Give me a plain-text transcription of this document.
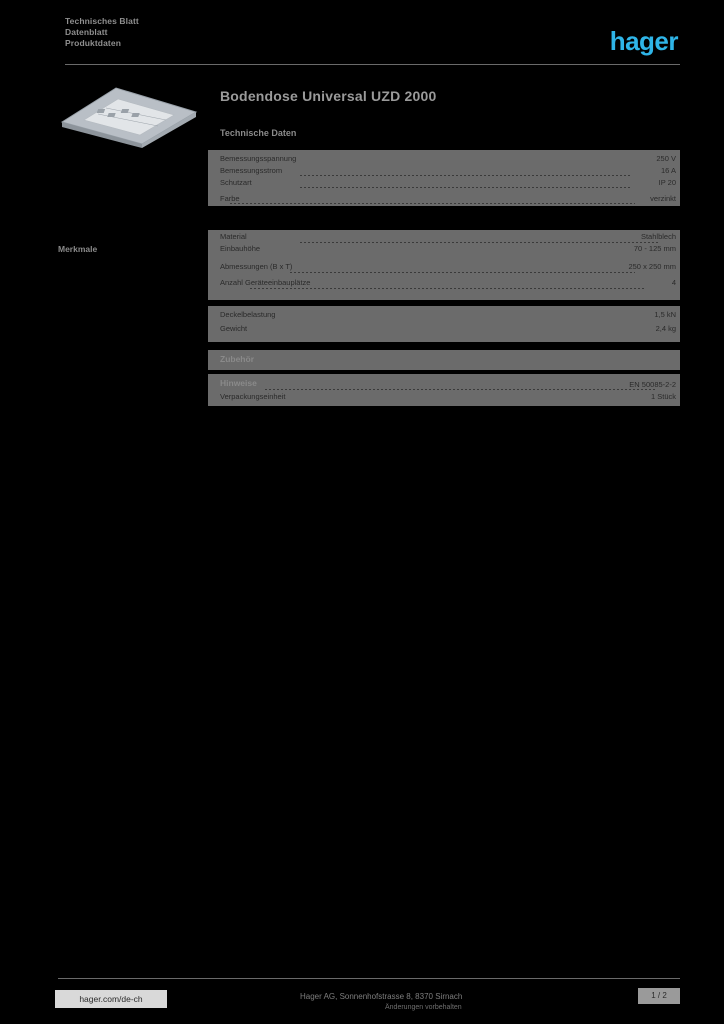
Technisches Blatt
Datenblatt
Produktdaten	hager
Bodendose Universal UZD 2000
Technische Daten
Merkmale
Bemessungsspannung	250 V
Bemessungsstrom	16 A
Schutzart	IP 20
Farbe	verzinkt
Material	Stahlblech
Einbauhöhe	70 - 125 mm
Abmessungen (B x T)	250 x 250 mm
Anzahl Geräteeinbauplätze	4
Deckelbelastung	1,5 kN
Gewicht	2,4 kg
Zubehör
Hinweise	EN 50085-2-2
Verpackungseinheit	1 Stück
hager.com/de-ch	Hager AG, Sonnenhofstrasse 8, 8370 Sirnach
Änderungen vorbehalten
1 / 2
